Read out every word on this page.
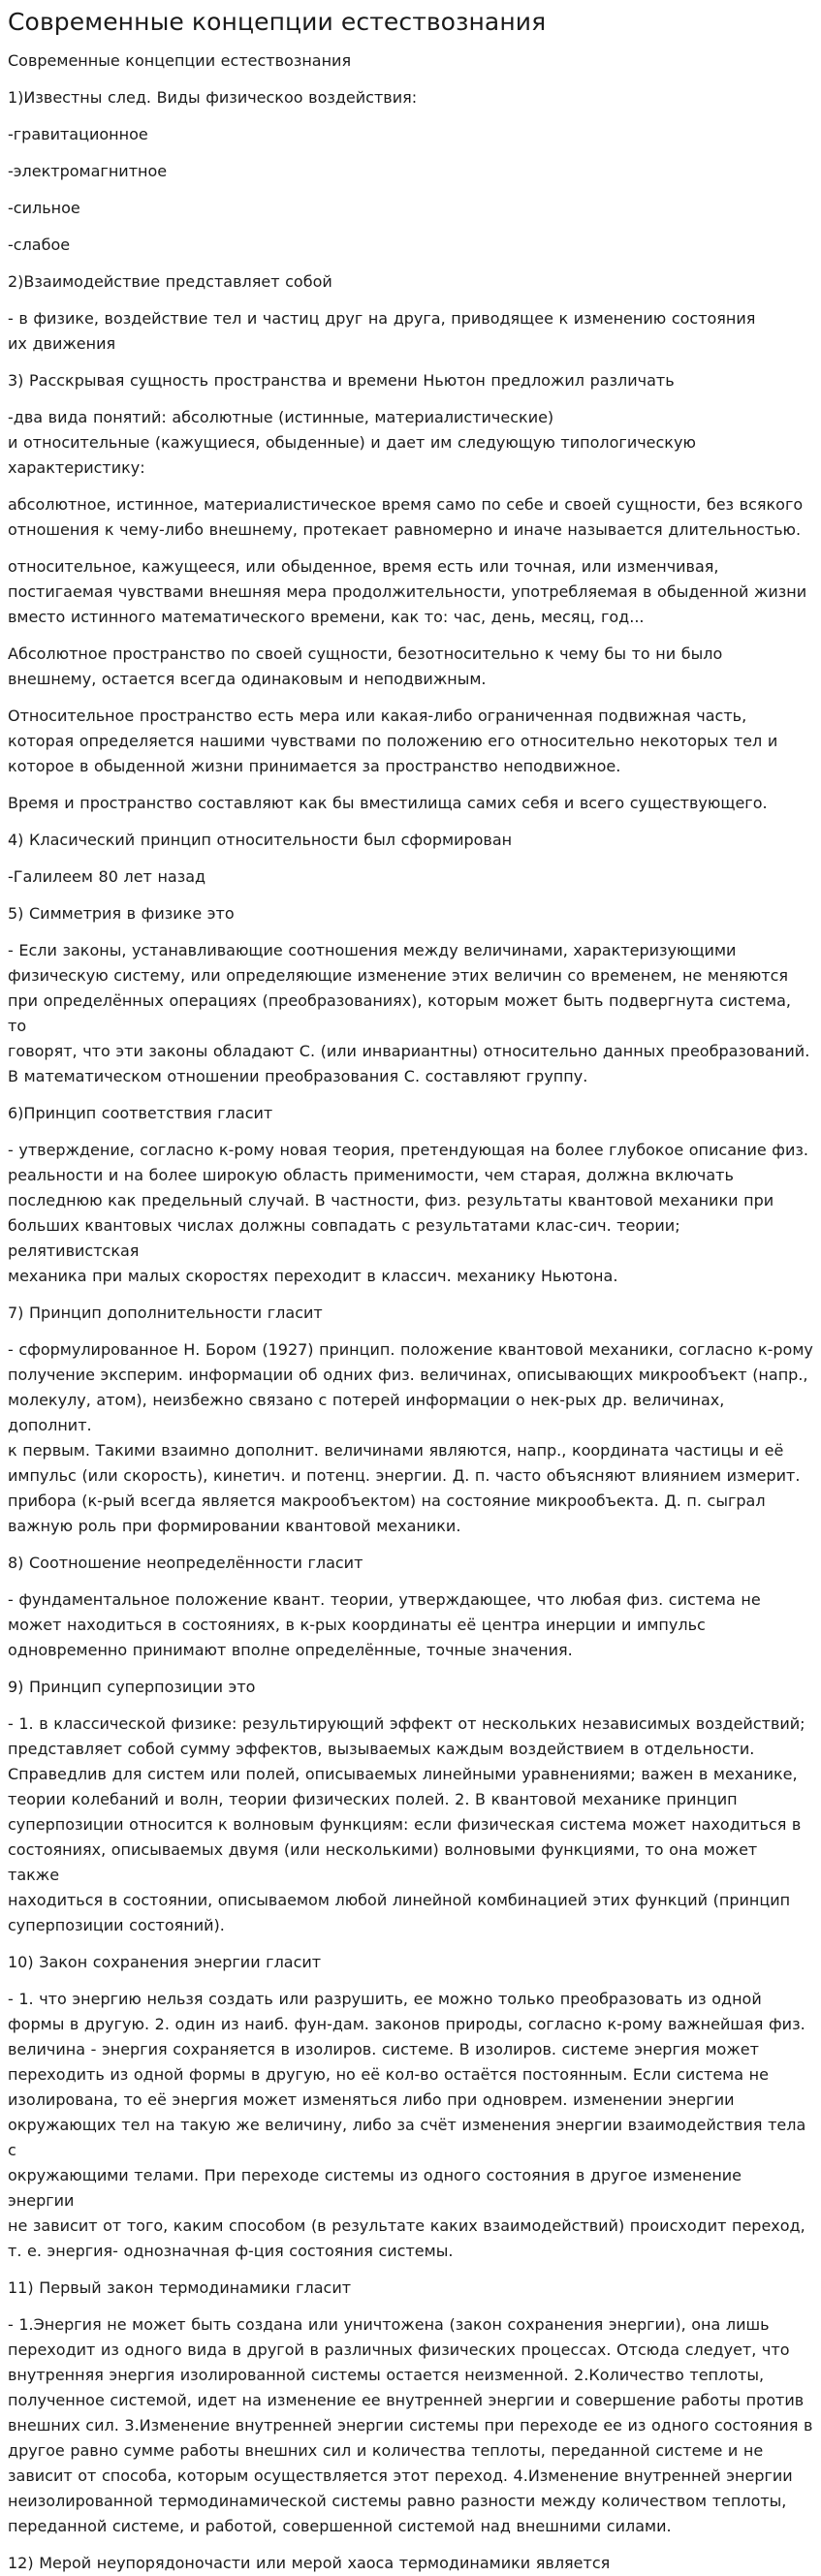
Современные концепции естествознания

Современные концепции естествознания

1)Известны след. Виды физическоо воздействия:

-гравитационное

-электромагнитное

-сильное

-слабое

2)Взаимодействие представляет собой

- в физике, воздействие тел и частиц друг на друга, приводящее к изменению состояния
их движения

3) Расскрывая сущность пространства и времени Ньютон предложил различать

-два вида понятий: абсолютные (истинные, материалистические)
и относительные (кажущиеся, обыденные) и дает им следующую типологическую
характеристику:

абсолютное, истинное, материалистическое время само по себе и своей сущности, без всякого
отношения к чему-либо внешнему, протекает равномерно и иначе называется длительностью.

относительное, кажущееся, или обыденное, время есть или точная, или изменчивая,
постигаемая чувствами внешняя мера продолжительности, употребляемая в обыденной жизни
вместо истинного математического времени, как то: час, день, месяц, год...

Абсолютное пространство по своей сущности, безотносительно к чему бы то ни было
внешнему, остается всегда одинаковым и неподвижным.

Относительное пространство есть мера или какая-либо ограниченная подвижная часть,
которая определяется нашими чувствами по положению его относительно некоторых тел и
которое в обыденной жизни принимается за пространство неподвижное.

Время и пространство составляют как бы вместилища самих себя и всего существующего.

4) Класический принцип относительности был сформирован

-Галилеем 80 лет назад

5) Симметрия в физике это

- Если законы, устанавливающие соотношения между величинами, характеризующими
физическую систему, или определяющие изменение этих величин со временем, не меняются
при определённых операциях (преобразованиях), которым может быть подвергнута система, то
говорят, что эти законы обладают С. (или инвариантны) относительно данных преобразований.
В математическом отношении преобразования С. составляют группу.

6)Принцип соответствия гласит

- утверждение, согласно к-рому новая теория, претендующая на более глубокое описание физ.
реальности и на более широкую область применимости, чем старая, должна включать
последнюю как предельный случай. В частности, физ. результаты квантовой механики при
больших квантовых числах должны совпадать с результатами клас-сич. теории; релятивистская
механика при малых скоростях переходит в классич. механику Ньютона.

7) Принцип дополнительности гласит

- сформулированное Н. Бором (1927) принцип. положение квантовой механики, согласно к-рому
получение эксперим. информации об одних физ. величинах, описывающих микрообъект (напр.,
молекулу, атом), неизбежно связано с потерей информации о нек-рых др. величинах, дополнит.
к первым. Такими взаимно дополнит. величинами являются, напр., координата частицы и её
импульс (или скорость), кинетич. и потенц. энергии. Д. п. часто объясняют влиянием измерит.
прибора (к-рый всегда является макрообъектом) на состояние микрообъекта. Д. п. сыграл
важную роль при формировании квантовой механики.

8) Соотношение неопределённости гласит

- фундаментальное положение квант. теории, утверждающее, что любая физ. система не
может находиться в состояниях, в к-рых координаты её центра инерции и импульс
одновременно принимают вполне определённые, точные значения.

9) Принцип суперпозиции это

- 1. в классической физике: результирующий эффект от нескольких независимых воздействий;
представляет собой сумму эффектов, вызываемых каждым воздействием в отдельности.
Справедлив для систем или полей, описываемых линейными уравнениями; важен в механике,
теории колебаний и волн, теории физических полей. 2. В квантовой механике принцип
суперпозиции относится к волновым функциям: если физическая система может находиться в
состояниях, описываемых двумя (или несколькими) волновыми функциями, то она может также
находиться в состоянии, описываемом любой линейной комбинацией этих функций (принцип
суперпозиции состояний).

10) Закон сохранения энергии гласит

- 1. что энергию нельзя создать или разрушить, ее можно только преобразовать из одной
формы в другую. 2. один из наиб. фун-дам. законов природы, согласно к-рому важнейшая физ.
величина - энергия сохраняется в изолиров. системе. В изолиров. системе энергия может
переходить из одной формы в другую, но её кол-во остаётся постоянным. Если система не
изолирована, то её энергия может изменяться либо при одноврем. изменении энергии
окружающих тел на такую же величину, либо за счёт изменения энергии взаимодействия тела с
окружающими телами. При переходе системы из одного состояния в другое изменение энергии
не зависит от того, каким способом (в результате каких взаимодействий) происходит переход,
т. е. энергия- однозначная ф-ция состояния системы.

11) Первый закон термодинамики гласит

- 1.Энергия не может быть создана или уничтожена (закон сохранения энергии), она лишь
переходит из одного вида в другой в различных физических процессах. Отсюда следует, что
внутренняя энергия изолированной системы остается неизменной. 2.Количество теплоты,
полученное системой, идет на изменение ее внутренней энергии и совершение работы против
внешних сил. 3.Изменение внутренней энергии системы при переходе ее из одного состояния в
другое равно сумме работы внешних сил и количества теплоты, переданной системе и не
зависит от способа, которым осуществляется этот переход. 4.Изменение внутренней энергии
неизолированной термодинамической системы равно разности между количеством теплоты,
переданной системе, и работой, совершенной системой над внешними силами.

12) Мерой неупорядоночасти или мерой хаоса термодинамики является
